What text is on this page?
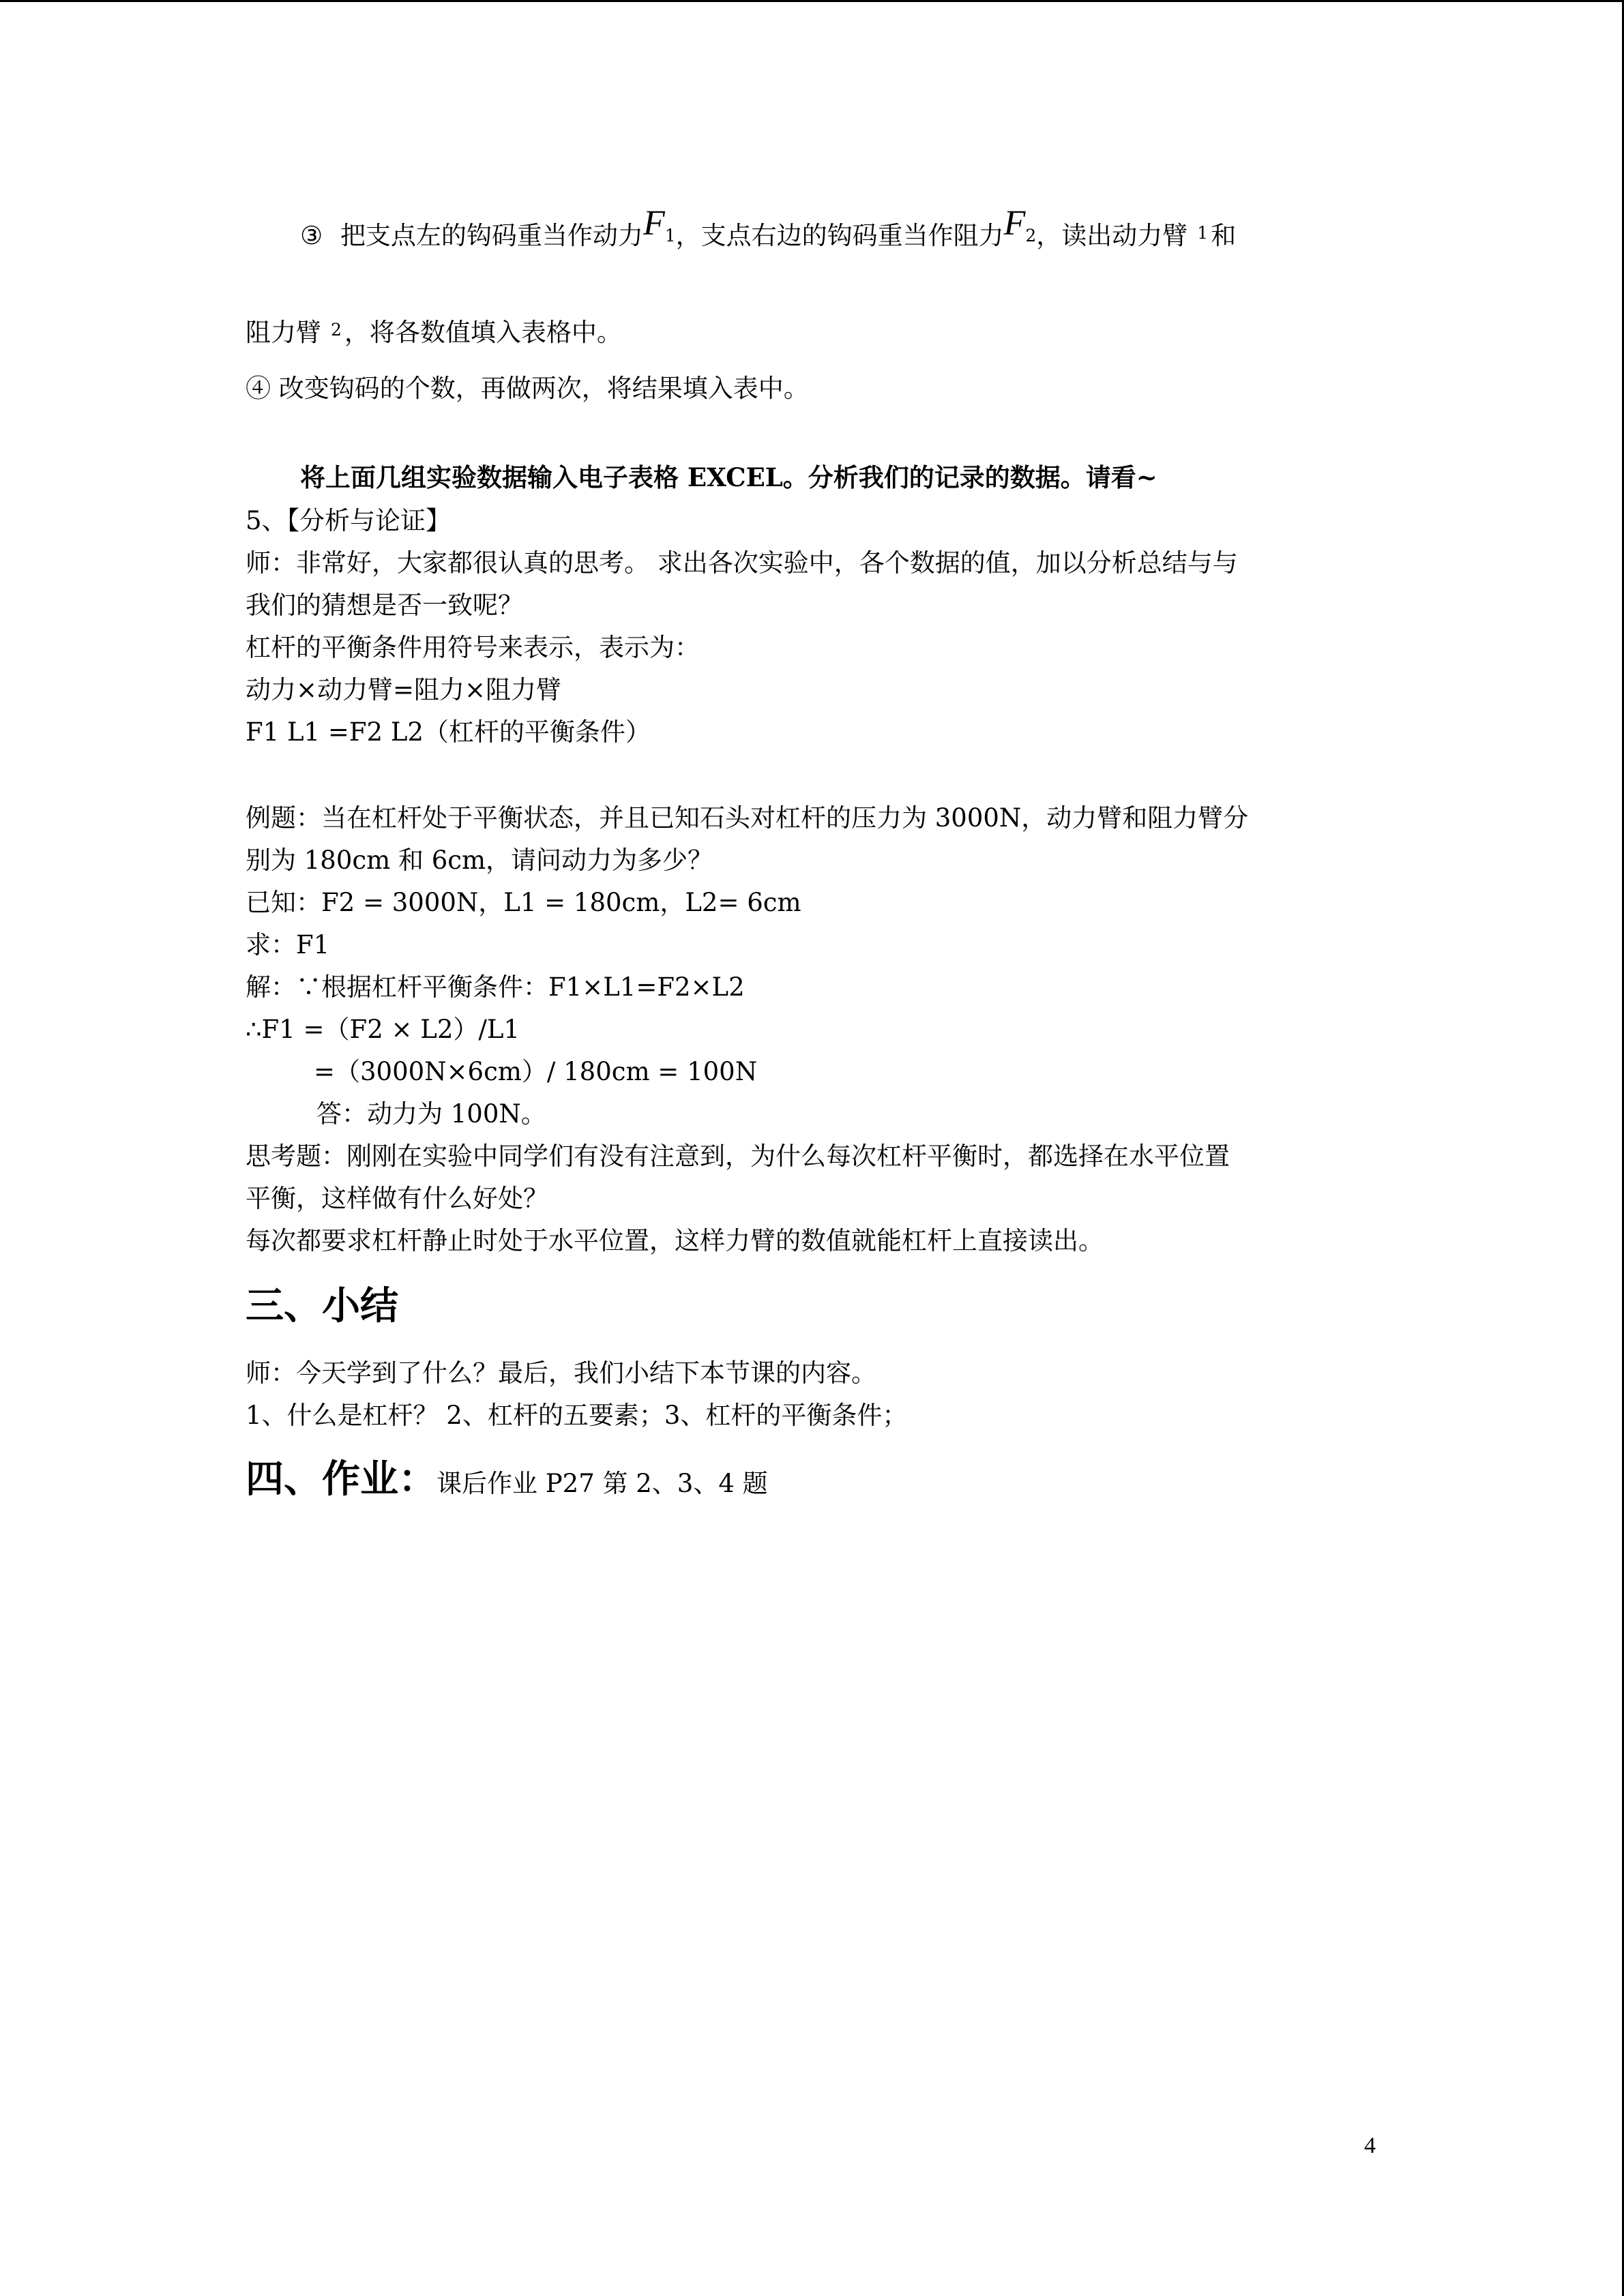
③ 把支点左的钩码重当作动力F1，支点右边的钩码重当作阻力F2，读出动力臂 $^1$ 和
阻力臂 $^2$ ，将各数值填入表格中。
④ 改变钩码的个数，再做两次，将结果填入表中。
将上面几组实验数据输入电子表格 EXCEL。分析我们的记录的数据。请看~
5、【分析与论证】
师：非常好，大家都很认真的思考。 求出各次实验中，各个数据的值，加以分析总结与与
我们的猜想是否一致呢？
杠杆的平衡条件用符号来表示，表示为：
动力×动力臂=阻力×阻力臂
F1 L1 =F2 L2（杠杆的平衡条件）
例题：当在杠杆处于平衡状态，并且已知石头对杠杆的压力为 3000N，动力臂和阻力臂分
别为 180cm 和 6cm，请问动力为多少？
已知：F2 = 3000N，L1 = 180cm，L2= 6cm
求：F1
解：∵根据杠杆平衡条件：F1×L1=F2×L2
∴F1 =（F2 × L2）/L1
=（3000N×6cm）/ 180cm = 100N
答：动力为 100N。
思考题：刚刚在实验中同学们有没有注意到，为什么每次杠杆平衡时，都选择在水平位置
平衡，这样做有什么好处？
每次都要求杠杆静止时处于水平位置，这样力臂的数值就能杠杆上直接读出。
三、小结
师：今天学到了什么？最后，我们小结下本节课的内容。
1、什么是杠杆？ 2、杠杆的五要素；3、杠杆的平衡条件；
四、作业：课后作业 P27 第 2、3、4 题
4
